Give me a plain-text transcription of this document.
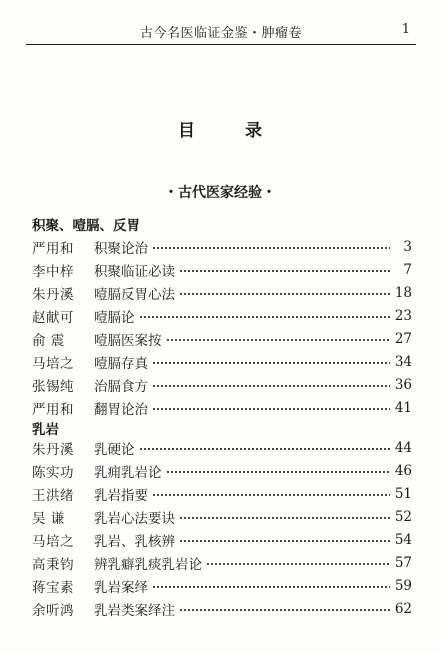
古今名医临证金鉴・肿瘤卷	1
目 录
・古代医家经验・
积聚、噎膈、反胃
严用和	积聚论治	3
李中梓	积聚临证必读	7
朱丹溪	噎膈反胃心法	18
赵献可	噎膈论	23
俞 震	噎膈医案按	27
马培之	噎膈存真	34
张锡纯	治膈食方	36
严用和	翻胃论治	41
乳岩
朱丹溪	乳硬论	44
陈实功	乳痈乳岩论	46
王洪绪	乳岩指要	51
吴 谦	乳岩心法要诀	52
马培之	乳岩、乳核辨	54
高秉钧	辨乳癖乳痰乳岩论	57
蒋宝素	乳岩案绎	59
余听鸿	乳岩类案绎注	62
